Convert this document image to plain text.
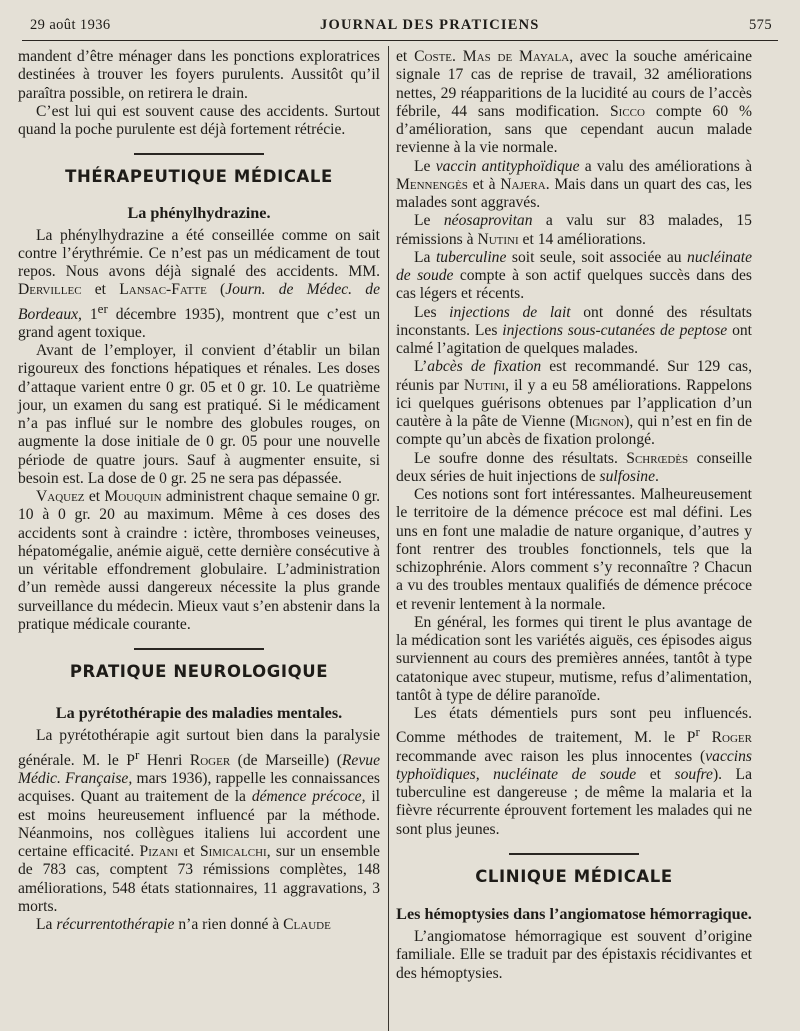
29 août 1936	JOURNAL DES PRATICIENS	575

mandent d’être ménager dans les ponctions exploratrices destinées à trouver les foyers purulents. Aussitôt qu’il paraîtra possible, on retirera le drain.

C’est lui qui est souvent cause des accidents. Surtout quand la poche purulente est déjà fortement rétrécie.

THÉRAPEUTIQUE MÉDICALE
La phénylhydrazine.

La phénylhydrazine a été conseillée comme on sait contre l’érythrémie. Ce n’est pas un médicament de tout repos. Nous avons déjà signalé des accidents. MM. Dervillec et Lansac-Fatte (Journ. de Médec. de Bordeaux, 1er décembre 1935), montrent que c’est un grand agent toxique.

Avant de l’employer, il convient d’établir un bilan rigoureux des fonctions hépatiques et rénales. Les doses d’attaque varient entre 0 gr. 05 et 0 gr. 10. Le quatrième jour, un examen du sang est pratiqué. Si le médicament n’a pas influé sur le nombre des globules rouges, on augmente la dose initiale de 0 gr. 05 pour une nouvelle période de quatre jours. Sauf à augmenter ensuite, si besoin est. La dose de 0 gr. 25 ne sera pas dépassée.

Vaquez et Mouquin administrent chaque semaine 0 gr. 10 à 0 gr. 20 au maximum. Même à ces doses des accidents sont à craindre : ictère, thromboses veineuses, hépatomégalie, anémie aiguë, cette dernière consécutive à un véritable effondrement globulaire. L’administration d’un remède aussi dangereux nécessite la plus grande surveillance du médecin. Mieux vaut s’en abstenir dans la pratique médicale courante.

PRATIQUE NEUROLOGIQUE
La pyrétothérapie des maladies mentales.

La pyrétothérapie agit surtout bien dans la paralysie générale. M. le $P^r$ Henri Roger (de Marseille) (Revue Médic. Française, mars 1936), rappelle les connaissances acquises. Quant au traitement de la démence précoce, il est moins heureusement influencé par la méthode. Néanmoins, nos collègues italiens lui accordent une certaine efficacité. Pizani et Simicalchi, sur un ensemble de 783 cas, comptent 73 rémissions complètes, 148 améliorations, 548 états stationnaires, 11 aggravations, 3 morts.

La récurrentothérapie n’a rien donné à Claude

et Coste. Mas de Mayala, avec la souche américaine signale 17 cas de reprise de travail, 32 améliorations nettes, 29 réapparitions de la lucidité au cours de l’accès fébrile, 44 sans modification. Sicco compte 60 % d’amélioration, sans que cependant aucun malade revienne à la vie normale.

Le vaccin antityphoïdique a valu des améliorations à Mennengès et à Najera. Mais dans un quart des cas, les malades sont aggravés.

Le néosaprovitan a valu sur 83 malades, 15 rémissions à Nutini et 14 améliorations.

La tuberculine soit seule, soit associée au nucléinate de soude compte à son actif quelques succès dans des cas légers et récents.

Les injections de lait ont donné des résultats inconstants. Les injections sous-cutanées de peptose ont calmé l’agitation de quelques malades.

L’abcès de fixation est recommandé. Sur 129 cas, réunis par Nutini, il y a eu 58 améliorations. Rappelons ici quelques guérisons obtenues par l’application d’un cautère à la pâte de Vienne (Mignon), qui n’est en fin de compte qu’un abcès de fixation prolongé.

Le soufre donne des résultats. Schrœdès conseille deux séries de huit injections de sulfosine.

Ces notions sont fort intéressantes. Malheureusement le territoire de la démence précoce est mal défini. Les uns en font une maladie de nature organique, d’autres y font rentrer des troubles fonctionnels, tels que la schizophrénie. Alors comment s’y reconnaître ? Chacun a vu des troubles mentaux qualifiés de démence précoce et revenir lentement à la normale.

En général, les formes qui tirent le plus avantage de la médication sont les variétés aiguës, ces épisodes aigus surviennent au cours des premières années, tantôt à type catatonique avec stupeur, mutisme, refus d’alimentation, tantôt à type de délire paranoïde.

Les états démentiels purs sont peu influencés. Comme méthodes de traitement, M. le $P^r$ Roger recommande avec raison les plus innocentes (vaccins typhoïdiques, nucléinate de soude et soufre). La tuberculine est dangereuse ; de même la malaria et la fièvre récurrente éprouvent fortement les malades qui ne sont plus jeunes.

CLINIQUE MÉDICALE
Les hémoptysies dans l’angiomatose hémorragique.

L’angiomatose hémorragique est souvent d’origine familiale. Elle se traduit par des épistaxis récidivantes et des hémoptysies.
